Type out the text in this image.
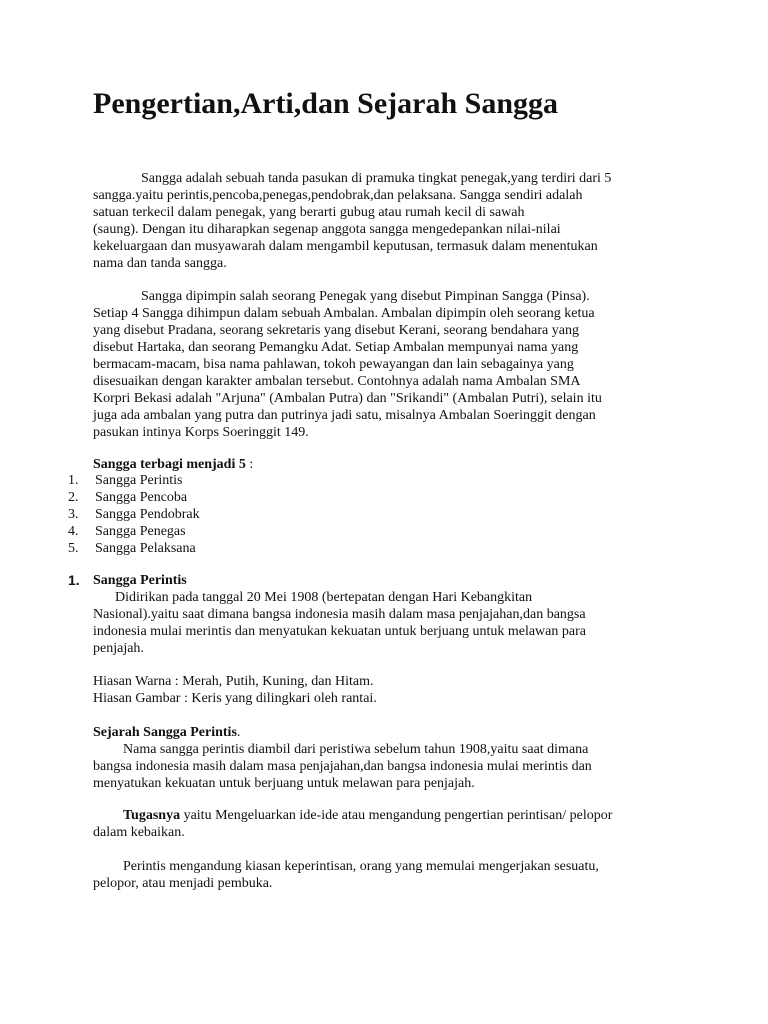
Pengertian,Arti,dan Sejarah Sangga
Sangga adalah sebuah tanda pasukan di pramuka tingkat penegak,yang terdiri dari 5
sangga.yaitu perintis,pencoba,penegas,pendobrak,dan pelaksana. Sangga sendiri adalah
satuan terkecil dalam penegak, yang berarti gubug atau rumah kecil di sawah
(saung). Dengan itu diharapkan segenap anggota sangga mengedepankan nilai-nilai
kekeluargaan dan musyawarah dalam mengambil keputusan, termasuk dalam menentukan
nama dan tanda sangga.
Sangga dipimpin salah seorang Penegak yang disebut Pimpinan Sangga (Pinsa).
Setiap 4 Sangga dihimpun dalam sebuah Ambalan. Ambalan dipimpin oleh seorang ketua
yang disebut Pradana, seorang sekretaris yang disebut Kerani, seorang bendahara yang
disebut Hartaka, dan seorang Pemangku Adat. Setiap Ambalan mempunyai nama yang
bermacam-macam, bisa nama pahlawan, tokoh pewayangan dan lain sebagainya yang
disesuaikan dengan karakter ambalan tersebut. Contohnya adalah nama Ambalan SMA
Korpri Bekasi adalah "Arjuna" (Ambalan Putra) dan "Srikandi" (Ambalan Putri), selain itu
juga ada ambalan yang putra dan putrinya jadi satu, misalnya Ambalan Soeringgit dengan
pasukan intinya Korps Soeringgit 149.
Sangga terbagi menjadi 5 :
1. Sangga Perintis
2. Sangga Pencoba
3. Sangga Pendobrak
4. Sangga Penegas
5. Sangga Pelaksana
1. Sangga Perintis
Didirikan pada tanggal 20 Mei 1908 (bertepatan dengan Hari Kebangkitan
Nasional).yaitu saat dimana bangsa indonesia masih dalam masa penjajahan,dan bangsa
indonesia mulai merintis dan menyatukan kekuatan untuk berjuang untuk melawan para
penjajah.
Hiasan Warna : Merah, Putih, Kuning, dan Hitam.
Hiasan Gambar : Keris yang dilingkari oleh rantai.
Sejarah Sangga Perintis.
Nama sangga perintis diambil dari peristiwa sebelum tahun 1908,yaitu saat dimana
bangsa indonesia masih dalam masa penjajahan,dan bangsa indonesia mulai merintis dan
menyatukan kekuatan untuk berjuang untuk melawan para penjajah.
Tugasnya yaitu Mengeluarkan ide-ide atau mengandung pengertian perintisan/ pelopor
dalam kebaikan.
Perintis mengandung kiasan keperintisan, orang yang memulai mengerjakan sesuatu,
pelopor, atau menjadi pembuka.
